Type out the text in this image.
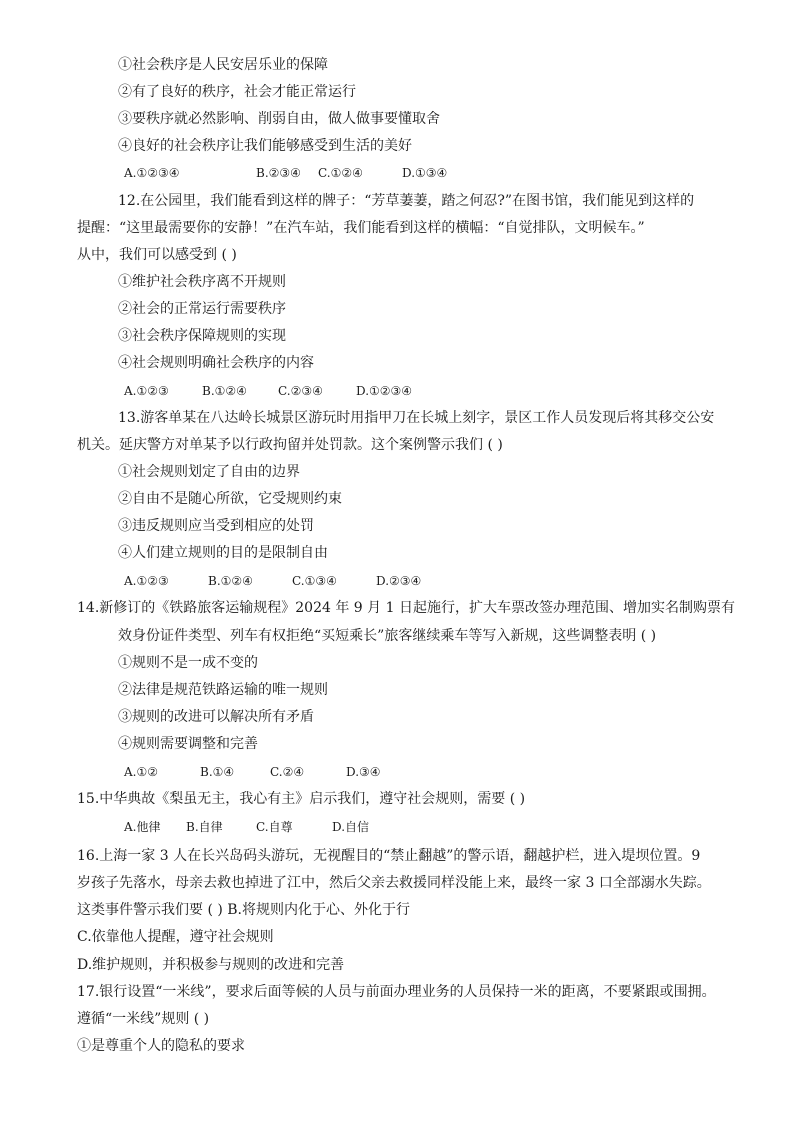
①社会秩序是人民安居乐业的保障
②有了良好的秩序，社会才能正常运行
③要秩序就必然影响、削弱自由，做人做事要懂取舍
④良好的社会秩序让我们能够感受到生活的美好
A.①②③④	B.②③④ C.①②④	D.①③④
12.在公园里，我们能看到这样的牌子：“芳草萋萋，踏之何忍?”在图书馆，我们能见到这样的
提醒：“这里最需要你的安静！”在汽车站，我们能看到这样的横幅：“自觉排队，文明候车。”
从中，我们可以感受到 ( )
①维护社会秩序离不开规则
②社会的正常运行需要秩序
③社会秩序保障规则的实现
④社会规则明确社会秩序的内容
A.①②③	B.①②④	C.②③④	D.①②③④
13.游客单某在八达岭长城景区游玩时用指甲刀在长城上刻字，景区工作人员发现后将其移交公安
机关。延庆警方对单某予以行政拘留并处罚款。这个案例警示我们 ( )
①社会规则划定了自由的边界
②自由不是随心所欲，它受规则约束
③违反规则应当受到相应的处罚
④人们建立规则的目的是限制自由
A.①②③	B.①②④	C.①③④	D.②③④
14.新修订的《铁路旅客运输规程》2024 年 9 月 1 日起施行，扩大车票改签办理范围、增加实名制购票有
效身份证件类型、列车有权拒绝“买短乘长”旅客继续乘车等写入新规，这些调整表明 ( )
①规则不是一成不变的
②法律是规范铁路运输的唯一规则
③规则的改进可以解决所有矛盾
④规则需要调整和完善
A.①②	B.①④	C.②④	D.③④
15.中华典故《梨虽无主，我心有主》启示我们，遵守社会规则，需要 ( )
A.他律 B.自律	C.自尊	D.自信
16.上海一家 3 人在长兴岛码头游玩，无视醒目的“禁止翻越”的警示语，翻越护栏，进入堤坝位置。9
岁孩子先落水，母亲去救也掉进了江中，然后父亲去救援同样没能上来，最终一家 3 口全部溺水失踪。
这类事件警示我们要 ( ) B.将规则内化于心、外化于行
C.依靠他人提醒，遵守社会规则
D.维护规则，并积极参与规则的改进和完善
17.银行设置“一米线”，要求后面等候的人员与前面办理业务的人员保持一米的距离，不要紧跟或围拥。
遵循“一米线”规则 ( )
①是尊重个人的隐私的要求
